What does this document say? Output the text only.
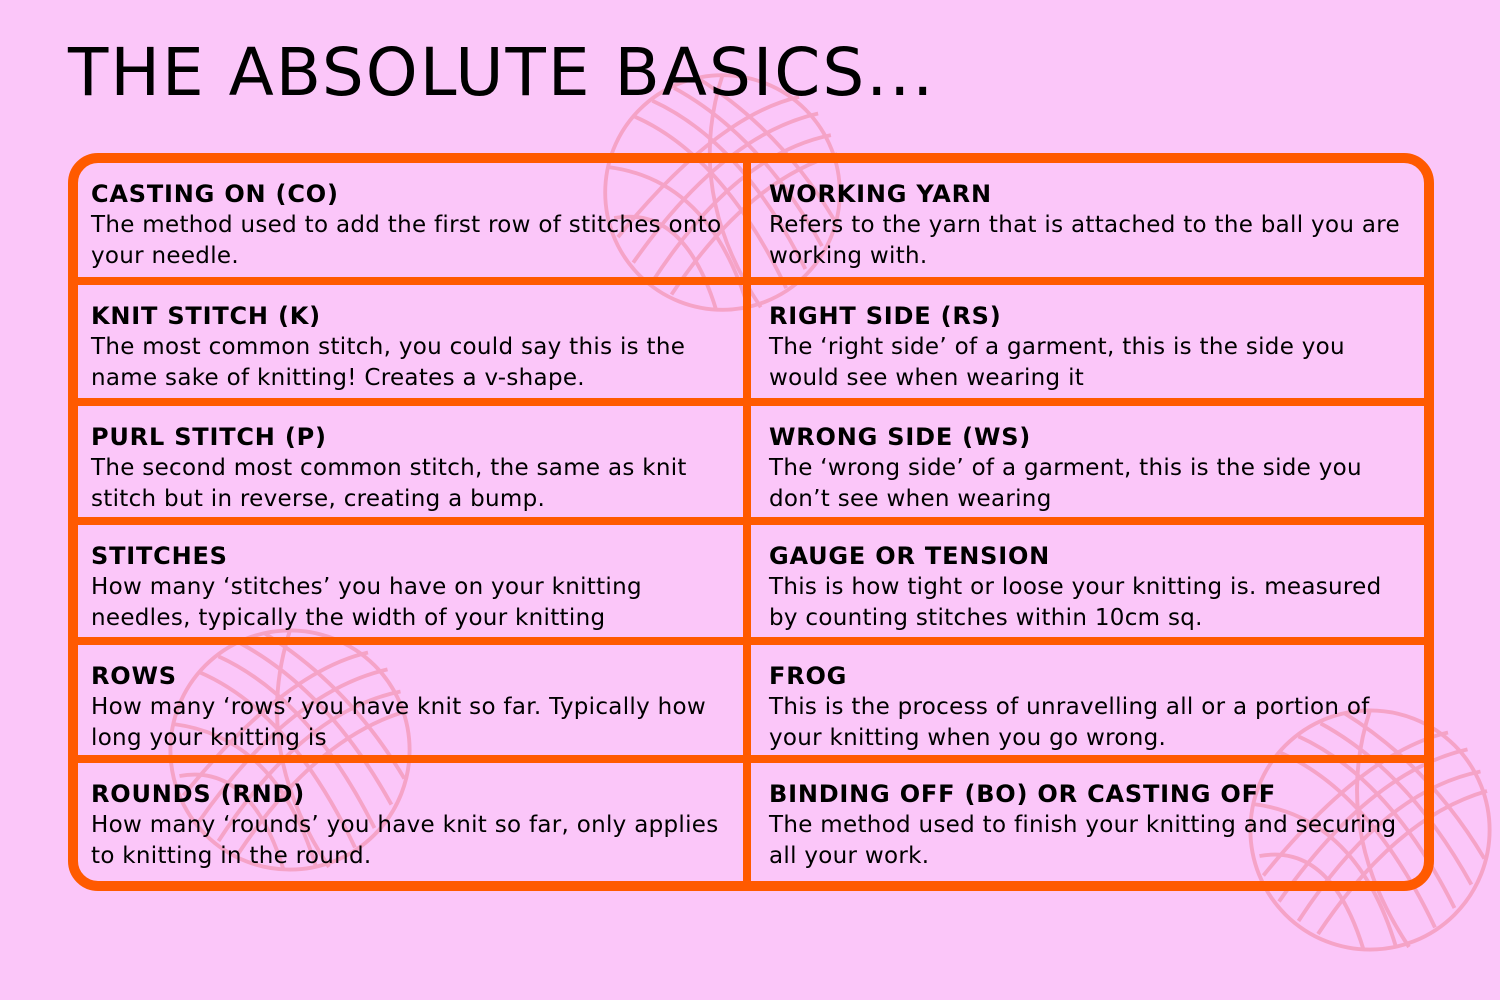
THE ABSOLUTE BASICS...
CASTING ON (CO)
The method used to add the first row of stitches onto your needle.
WORKING YARN
Refers to the yarn that is attached to the ball you are working with.
KNIT STITCH (K)
The most common stitch, you could say this is the name sake of knitting! Creates a v-shape.
RIGHT SIDE (RS)
The ‘right side’ of a garment, this is the side you would see when wearing it
PURL STITCH (P)
The second most common stitch, the same as knit stitch but in reverse, creating a bump.
WRONG SIDE (WS)
The ‘wrong side’ of a garment, this is the side you don’t see when wearing
STITCHES
How many ‘stitches’ you have on your knitting needles, typically the width of your knitting
GAUGE OR TENSION
This is how tight or loose your knitting is. measured by counting stitches within 10cm sq.
ROWS
How many ‘rows’ you have knit so far. Typically how long your knitting is
FROG
This is the process of unravelling all or a portion of your knitting when you go wrong.
ROUNDS (RND)
How many ‘rounds’ you have knit so far, only applies to knitting in the round.
BINDING OFF (BO) OR CASTING OFF
The method used to finish your knitting and securing all your work.
